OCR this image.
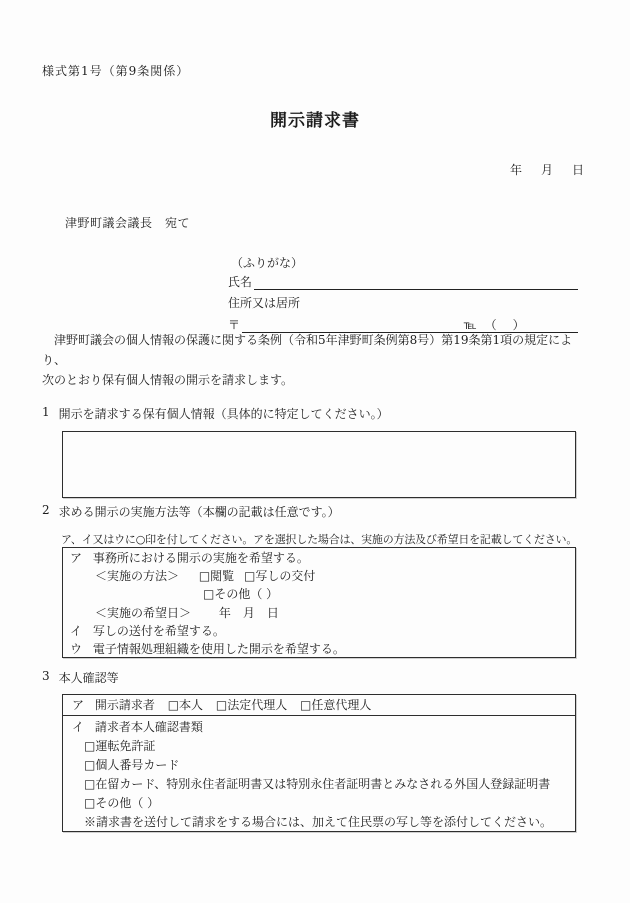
様式第1号（第9条関係）
開示請求書
年 月 日
津野町議会議長　宛て
（ふりがな）
氏名
住所又は居所
〒	℡ （　）

　津野町議会の個人情報の保護に関する条例（令和5年津野町条例第8号）第19条第1項の規定により、
次のとおり保有個人情報の開示を請求します。

1 開示を請求する保有個人情報（具体的に特定してください。）
2 求める開示の実施方法等（本欄の記載は任意です。）
ア、イ又はウに○印を付してください。アを選択した場合は、実施の方法及び希望日を記載してください。
ア 事務所における開示の実施を希望する。
＜実施の方法＞ □閲覧 □写しの交付
□その他（ ）
＜実施の希望日＞ 年　月　日
イ 写しの送付を希望する。
ウ 電子情報処理組織を使用した開示を希望する。
3 本人確認等
ア 開示請求者 □本人 □法定代理人 □任意代理人
イ 請求者本人確認書類
□運転免許証
□個人番号カード
□在留カード、特別永住者証明書又は特別永住者証明書とみなされる外国人登録証明書
□その他（ ）
※請求書を送付して請求をする場合には、加えて住民票の写し等を添付してください。
